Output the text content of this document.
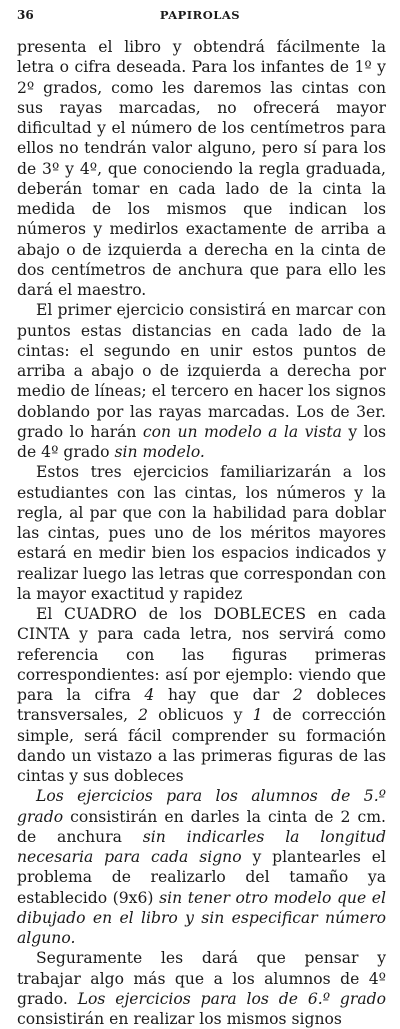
36	PAPIROLAS

presenta el libro y obtendrá fácilmente la letra o cifra deseada. Para los infantes de 1º y 2º grados, como les daremos las cintas con sus rayas marcadas, no ofrecerá mayor dificultad y el número de los centímetros para ellos no tendrán valor alguno, pero sí para los de 3º y 4º, que conociendo la regla graduada, deberán tomar en cada lado de la cinta la medida de los mismos que indican los números y medirlos exactamente de arriba a abajo o de izquierda a derecha en la cinta de dos centímetros de anchura que para ello les dará el maestro.

El primer ejercicio consistirá en marcar con puntos estas distancias en cada lado de la cintas: el segundo en unir estos puntos de arriba a abajo o de izquierda a derecha por medio de líneas; el tercero en hacer los signos doblando por las rayas marcadas. Los de 3er. grado lo harán con un modelo a la vista y los de 4º grado sin modelo.

Estos tres ejercicios familiarizarán a los estudiantes con las cintas, los números y la regla, al par que con la habilidad para doblar las cintas, pues uno de los méritos mayores estará en medir bien los espacios indicados y realizar luego las letras que correspondan con la mayor exactitud y rapidez

El CUADRO de los DOBLECES en cada CINTA y para cada letra, nos servirá como referencia con las figuras primeras correspondientes: así por ejemplo: viendo que para la cifra 4 hay que dar 2 dobleces transversales, 2 oblicuos y 1 de corrección simple, será fácil comprender su formación dando un vistazo a las primeras figuras de las cintas y sus dobleces

Los ejercicios para los alumnos de 5.º grado consistirán en darles la cinta de 2 cm. de anchura sin indicarles la longitud necesaria para cada signo y plantearles el problema de realizarlo del tamaño ya establecido (9x6) sin tener otro modelo que el dibujado en el libro y sin especificar número alguno.

Seguramente les dará que pensar y trabajar algo más que a los alumnos de 4º grado. Los ejercicios para los de 6.º grado consistirán en realizar los mismos signos
